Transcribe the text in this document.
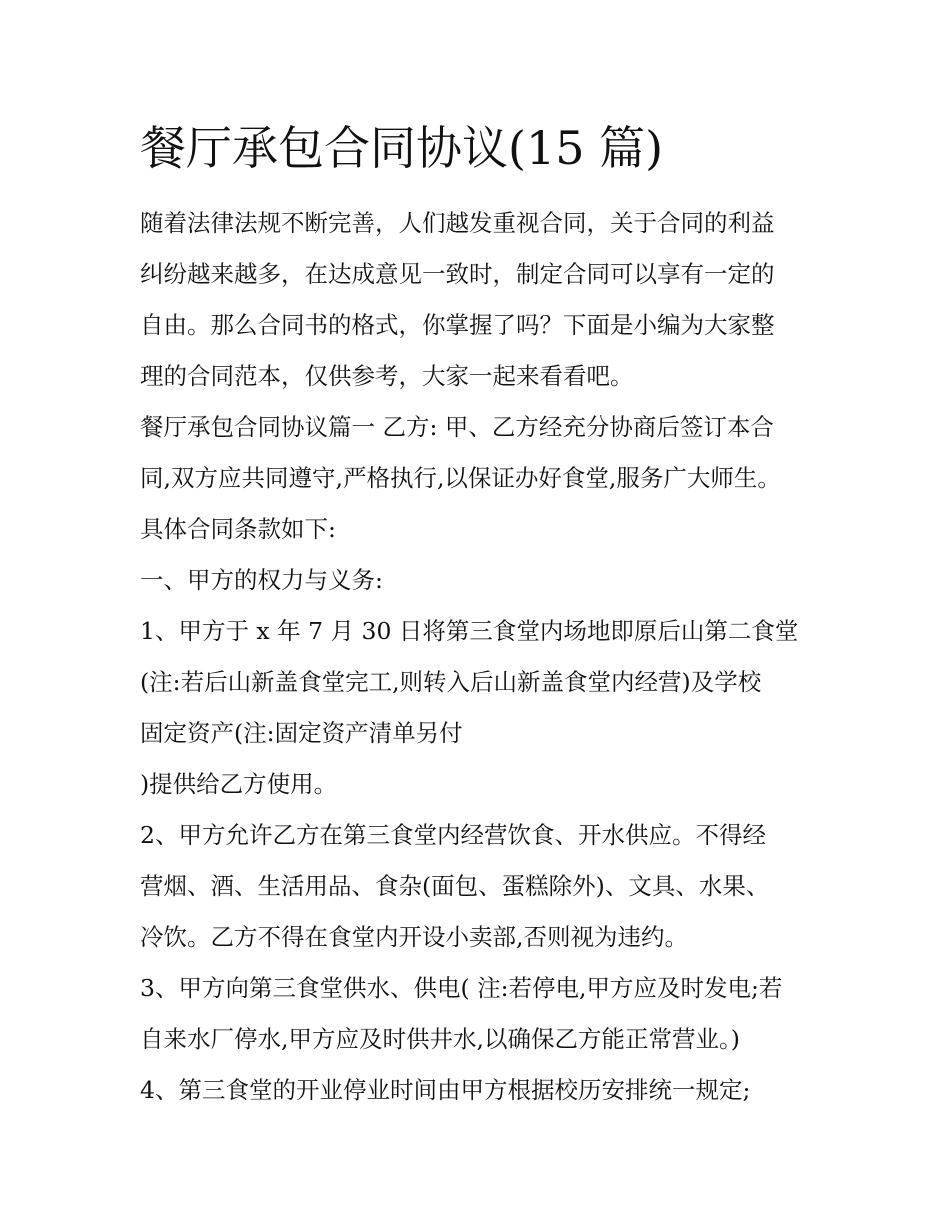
餐厅承包合同协议(15 篇)

随着法律法规不断完善，人们越发重视合同，关于合同的利益

纠纷越来越多，在达成意见一致时，制定合同可以享有一定的

自由。那么合同书的格式，你掌握了吗？下面是小编为大家整

理的合同范本，仅供参考，大家一起来看看吧。

餐厅承包合同协议篇一 乙方: 甲、乙方经充分协商后签订本合

同,双方应共同遵守,严格执行,以保证办好食堂,服务广大师生。

具体合同条款如下:

一、甲方的权力与义务:

1、甲方于 x 年 7 月 30 日将第三食堂内场地即原后山第二食堂

(注:若后山新盖食堂完工,则转入后山新盖食堂内经营)及学校

固定资产(注:固定资产清单另付

)提供给乙方使用。

2、甲方允许乙方在第三食堂内经营饮食、开水供应。不得经

营烟、酒、生活用品、食杂(面包、蛋糕除外)、文具、水果、

冷饮。乙方不得在食堂内开设小卖部,否则视为违约。

3、甲方向第三食堂供水、供电( 注:若停电,甲方应及时发电;若

自来水厂停水,甲方应及时供井水,以确保乙方能正常营业。)

4、第三食堂的开业停业时间由甲方根据校历安排统一规定;
